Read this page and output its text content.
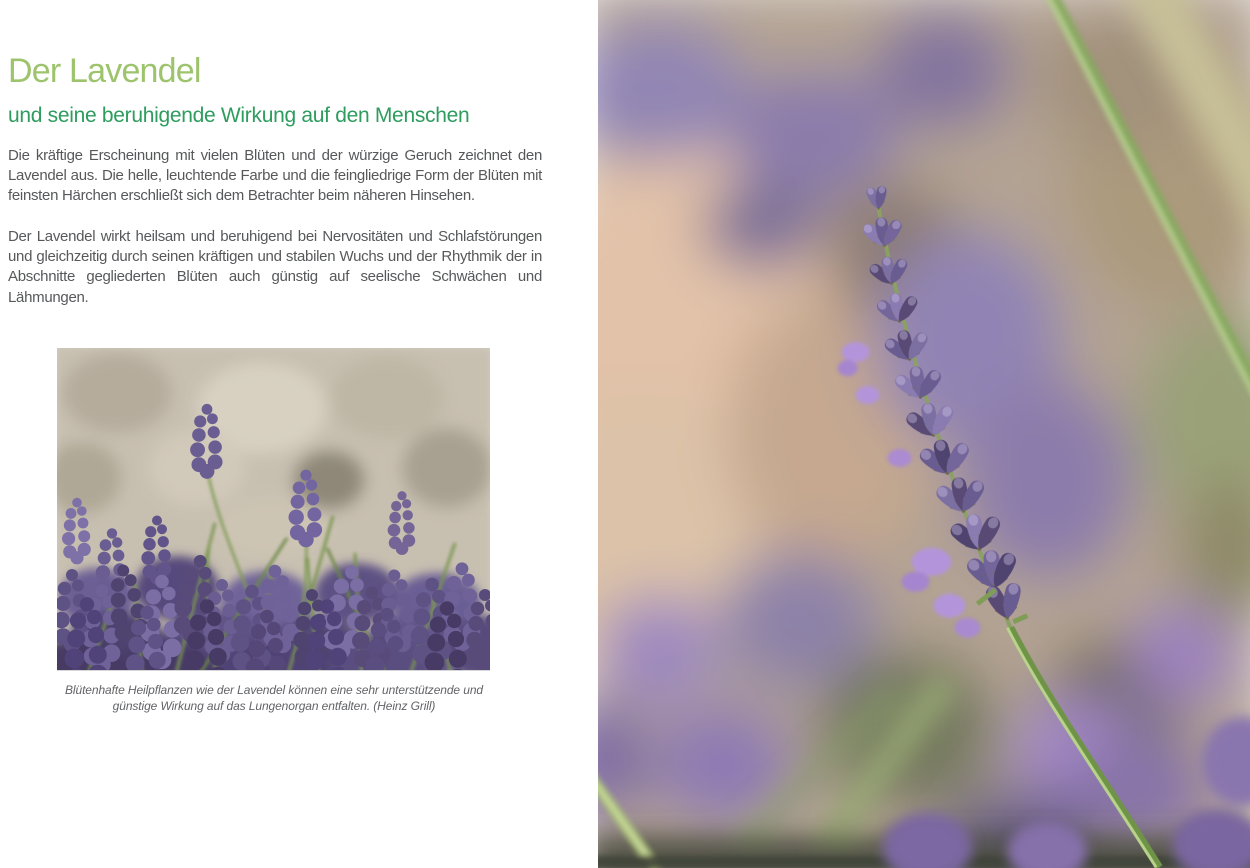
Der Lavendel
und seine beruhigende Wirkung auf den Menschen

Die kräftige Erscheinung mit vielen Blüten und der würzige Geruch zeichnet den Lavendel aus. Die helle, leuchtende Farbe und die feingliedrige Form der Blüten mit feinsten Härchen erschließt sich dem Betrachter beim näheren Hinsehen.

Der Lavendel wirkt heilsam und beruhigend bei Nervositäten und Schlafstörungen und gleichzeitig durch seinen kräftigen und stabilen Wuchs und der Rhythmik der in Abschnitte gegliederten Blüten auch günstig auf seelische Schwächen und Lähmungen.

Blütenhafte Heilpflanzen wie der Lavendel können eine sehr unterstützende und günstige Wirkung auf das Lungenorgan entfalten. (Heinz Grill)
